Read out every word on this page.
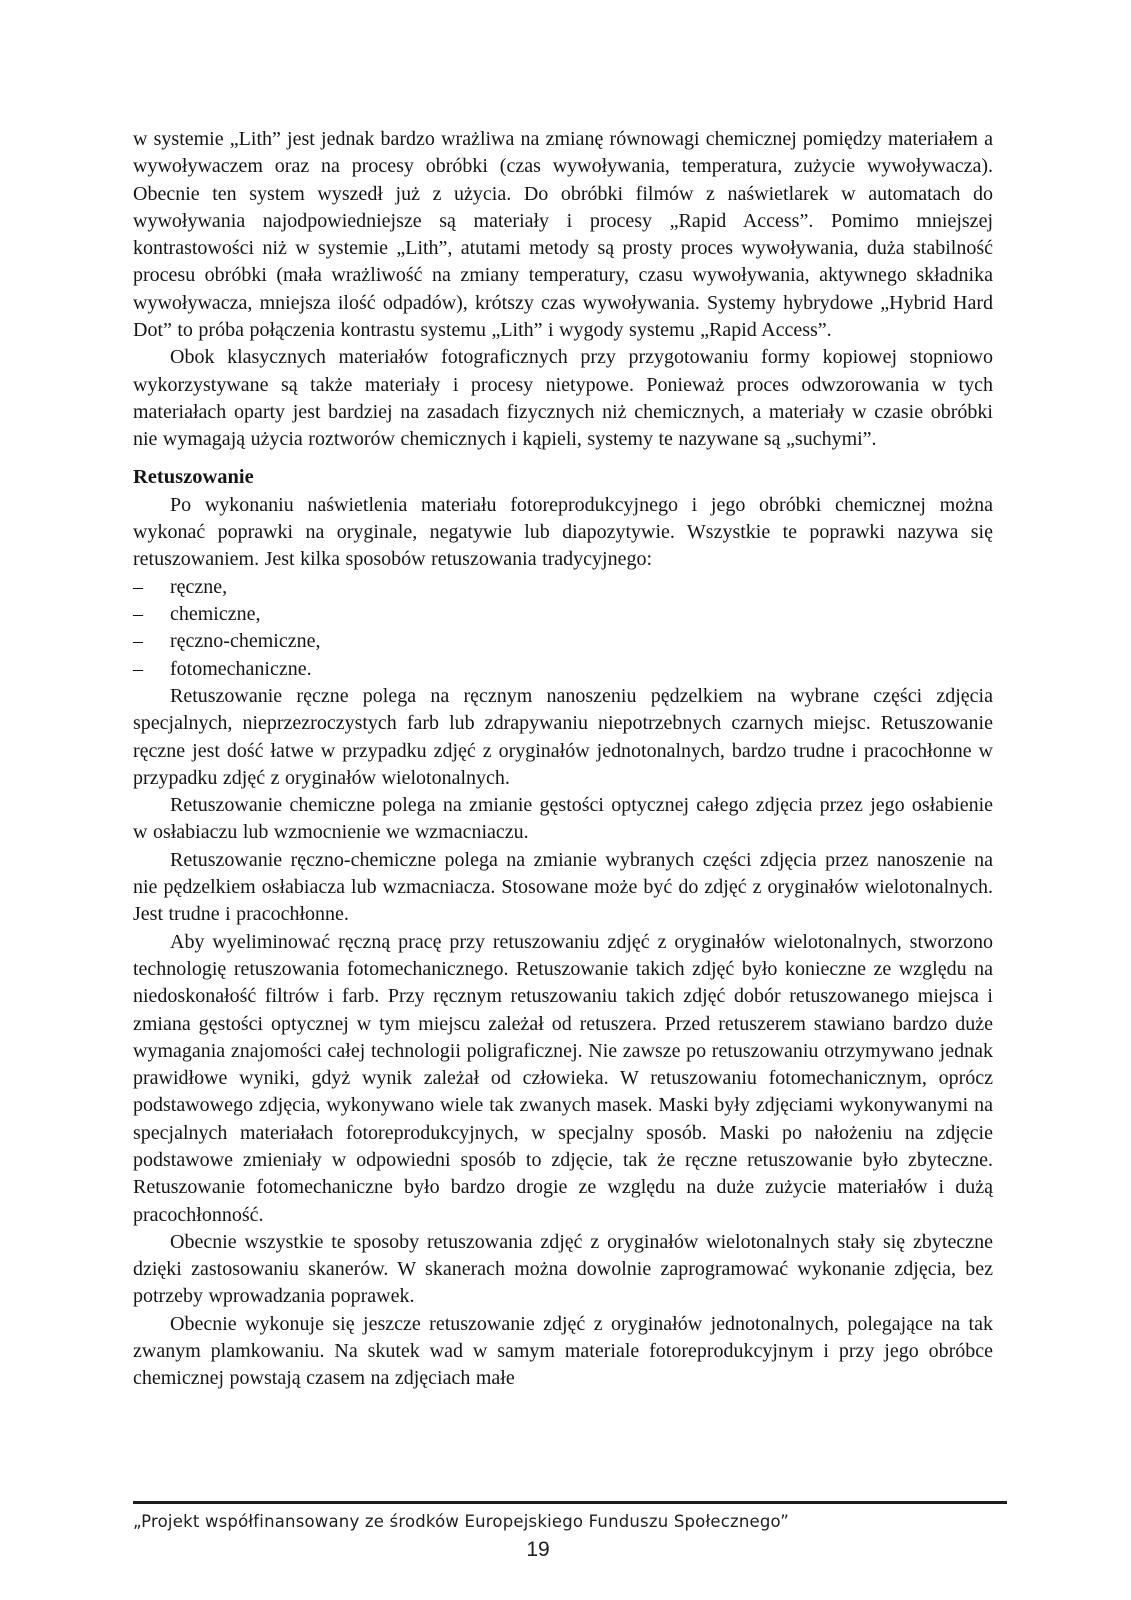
w systemie „Lith” jest jednak bardzo wrażliwa na zmianę równowagi chemicznej pomiędzy materiałem a wywoływaczem oraz na procesy obróbki (czas wywoływania, temperatura, zużycie wywoływacza). Obecnie ten system wyszedł już z użycia. Do obróbki filmów z naświetlarek w automatach do wywoływania najodpowiedniejsze są materiały i procesy „Rapid Access”. Pomimo mniejszej kontrastowości niż w systemie „Lith”, atutami metody są prosty proces wywoływania, duża stabilność procesu obróbki (mała wrażliwość na zmiany temperatury, czasu wywoływania, aktywnego składnika wywoływacza, mniejsza ilość odpadów), krótszy czas wywoływania. Systemy hybrydowe „Hybrid Hard Dot” to próba połączenia kontrastu systemu „Lith” i wygody systemu „Rapid Access”.

Obok klasycznych materiałów fotograficznych przy przygotowaniu formy kopiowej stopniowo wykorzystywane są także materiały i procesy nietypowe. Ponieważ proces odwzorowania w tych materiałach oparty jest bardziej na zasadach fizycznych niż chemicznych, a materiały w czasie obróbki nie wymagają użycia roztworów chemicznych i kąpieli, systemy te nazywane są „suchymi”.

Retuszowanie

Po wykonaniu naświetlenia materiału fotoreprodukcyjnego i jego obróbki chemicznej można wykonać poprawki na oryginale, negatywie lub diapozytywie. Wszystkie te poprawki nazywa się retuszowaniem. Jest kilka sposobów retuszowania tradycyjnego:

–	ręczne,
–	chemiczne,
–	ręczno-chemiczne,
–	fotomechaniczne.

Retuszowanie ręczne polega na ręcznym nanoszeniu pędzelkiem na wybrane części zdjęcia specjalnych, nieprzezroczystych farb lub zdrapywaniu niepotrzebnych czarnych miejsc. Retuszowanie ręczne jest dość łatwe w przypadku zdjęć z oryginałów jednotonalnych, bardzo trudne i pracochłonne w przypadku zdjęć z oryginałów wielotonalnych.

Retuszowanie chemiczne polega na zmianie gęstości optycznej całego zdjęcia przez jego osłabienie w osłabiaczu lub wzmocnienie we wzmacniaczu.

Retuszowanie ręczno-chemiczne polega na zmianie wybranych części zdjęcia przez nanoszenie na nie pędzelkiem osłabiacza lub wzmacniacza. Stosowane może być do zdjęć z oryginałów wielotonalnych. Jest trudne i pracochłonne.

Aby wyeliminować ręczną pracę przy retuszowaniu zdjęć z oryginałów wielotonalnych, stworzono technologię retuszowania fotomechanicznego. Retuszowanie takich zdjęć było konieczne ze względu na niedoskonałość filtrów i farb. Przy ręcznym retuszowaniu takich zdjęć dobór retuszowanego miejsca i zmiana gęstości optycznej w tym miejscu zależał od retuszera. Przed retuszerem stawiano bardzo duże wymagania znajomości całej technologii poligraficznej. Nie zawsze po retuszowaniu otrzymywano jednak prawidłowe wyniki, gdyż wynik zależał od człowieka. W retuszowaniu fotomechanicznym, oprócz podstawowego zdjęcia, wykonywano wiele tak zwanych masek. Maski były zdjęciami wykonywanymi na specjalnych materiałach fotoreprodukcyjnych, w specjalny sposób. Maski po nałożeniu na zdjęcie podstawowe zmieniały w odpowiedni sposób to zdjęcie, tak że ręczne retuszowanie było zbyteczne. Retuszowanie fotomechaniczne było bardzo drogie ze względu na duże zużycie materiałów i dużą pracochłonność.

Obecnie wszystkie te sposoby retuszowania zdjęć z oryginałów wielotonalnych stały się zbyteczne dzięki zastosowaniu skanerów. W skanerach można dowolnie zaprogramować wykonanie zdjęcia, bez potrzeby wprowadzania poprawek.

Obecnie wykonuje się jeszcze retuszowanie zdjęć z oryginałów jednotonalnych, polegające na tak zwanym plamkowaniu. Na skutek wad w samym materiale fotoreprodukcyjnym i przy jego obróbce chemicznej powstają czasem na zdjęciach małe

„Projekt współfinansowany ze środków Europejskiego Funduszu Społecznego”
19
